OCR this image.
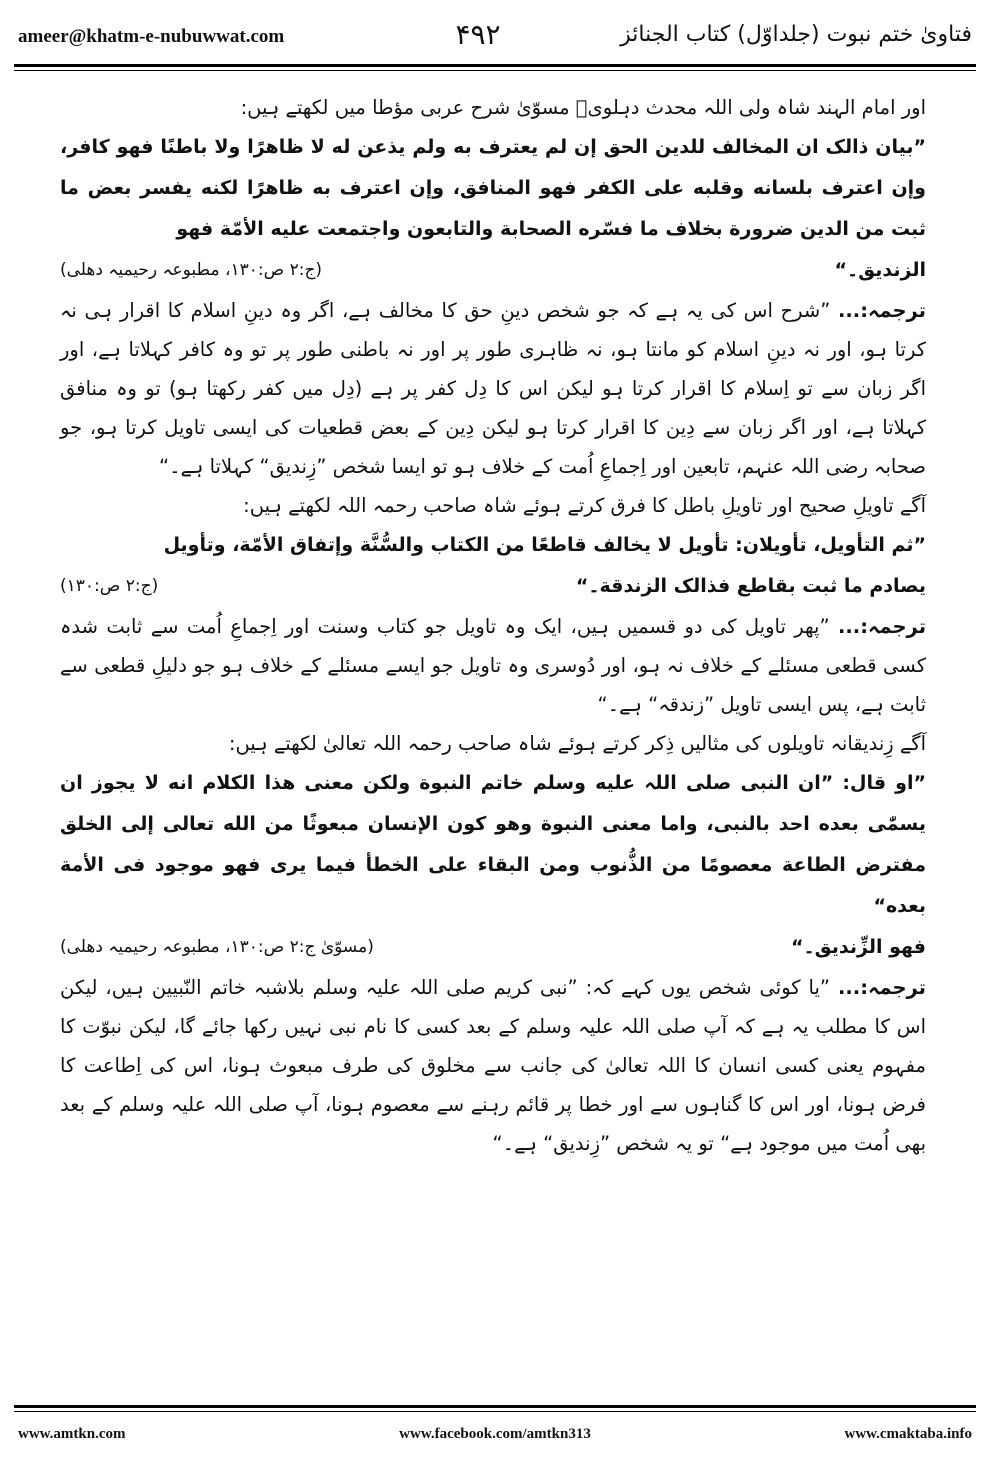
ameer@khatm-e-nubuwwat.com	۴۹۲	فتاویٰ ختم نبوت (جلداوّل) کتاب الجنائز

اور امام الہند شاہ ولی اللہ محدث دہلویؒ مسوّیٰ شرح عربی مؤطا میں لکھتے ہیں:

”بیان ذالک ان المخالف للدین الحق إن لم یعترف به ولم یذعن له لا ظاهرًا ولا باطنًا فهو کافر، وإن اعترف بلسانه وقلبه علی الکفر فهو المنافق، وإن اعترف به ظاهرًا لکنه یفسر بعض ما ثبت من الدین ضرورة بخلاف ما فسّره الصحابة والتابعون واجتمعت علیه الأمّة فهو
الزندیق۔“
(ج:۲ ص:۱۳۰، مطبوعہ رحیمیہ دھلی)

ترجمہ:... ”شرح اس کی یہ ہے کہ جو شخص دینِ حق کا مخالف ہے، اگر وہ دینِ اسلام کا اقرار ہی نہ کرتا ہو، اور نہ دینِ اسلام کو مانتا ہو، نہ ظاہری طور پر اور نہ باطنی طور پر تو وہ کافر کہلاتا ہے، اور اگر زبان سے تو اِسلام کا اقرار کرتا ہو لیکن اس کا دِل کفر پر ہے (دِل میں کفر رکھتا ہو) تو وہ منافق کہلاتا ہے، اور اگر زبان سے دِین کا اقرار کرتا ہو لیکن دِین کے بعض قطعیات کی ایسی تاویل کرتا ہو، جو صحابہ رضی اللہ عنہم، تابعین اور اِجماعِ اُمت کے خلاف ہو تو ایسا شخص ”زِندیق“ کہلاتا ہے۔“

آگے تاویلِ صحیح اور تاویلِ باطل کا فرق کرتے ہوئے شاہ صاحب رحمہ اللہ لکھتے ہیں:

”ثم التأویل، تأویلان: تأویل لا یخالف قاطعًا من الکتاب والسُّنَّة وإتفاق الأمّة، وتأویل
یصادم ما ثبت بقاطع فذالک الزندقة۔“
(ج:۲ ص:۱۳۰)

ترجمہ:... ”پھر تاویل کی دو قسمیں ہیں، ایک وہ تاویل جو کتاب وسنت اور اِجماعِ اُمت سے ثابت شدہ کسی قطعی مسئلے کے خلاف نہ ہو، اور دُوسری وہ تاویل جو ایسے مسئلے کے خلاف ہو جو دلیلِ قطعی سے ثابت ہے، پس ایسی تاویل ”زندقہ“ ہے۔“

آگے زِندیقانہ تاویلوں کی مثالیں ذِکر کرتے ہوئے شاہ صاحب رحمہ اللہ تعالیٰ لکھتے ہیں:

”او قال: ”ان النبی صلی اللہ علیه وسلم خاتم النبوة ولکن معنی هذا الکلام انه لا یجوز ان یسمّٰی بعده احد بالنبی، واما معنی النبوة وهو کون الإنسان مبعوثًا من الله تعالی إلی الخلق مفترض الطاعة معصومًا من الذُّنوب ومن البقاء علی الخطأ فیما یری فهو موجود فی الأمة بعده“
فهو الزِّندیق۔“
(مسوّیٰ ج:۲ ص:۱۳۰، مطبوعہ رحیمیہ دھلی)

ترجمہ:... ”یا کوئی شخص یوں کہے کہ: ”نبی کریم صلی اللہ علیہ وسلم بلاشبہ خاتم النّبیین ہیں، لیکن اس کا مطلب یہ ہے کہ آپ صلی اللہ علیہ وسلم کے بعد کسی کا نام نبی نہیں رکھا جائے گا، لیکن نبوّت کا مفہوم یعنی کسی انسان کا اللہ تعالیٰ کی جانب سے مخلوق کی طرف مبعوث ہونا، اس کی اِطاعت کا فرض ہونا، اور اس کا گناہوں سے اور خطا پر قائم رہنے سے معصوم ہونا، آپ صلی اللہ علیہ وسلم کے بعد بھی اُمت میں موجود ہے“ تو یہ شخص ”زِندیق“ ہے۔“

www.amtkn.com	www.facebook.com/amtkn313	www.cmaktaba.info
